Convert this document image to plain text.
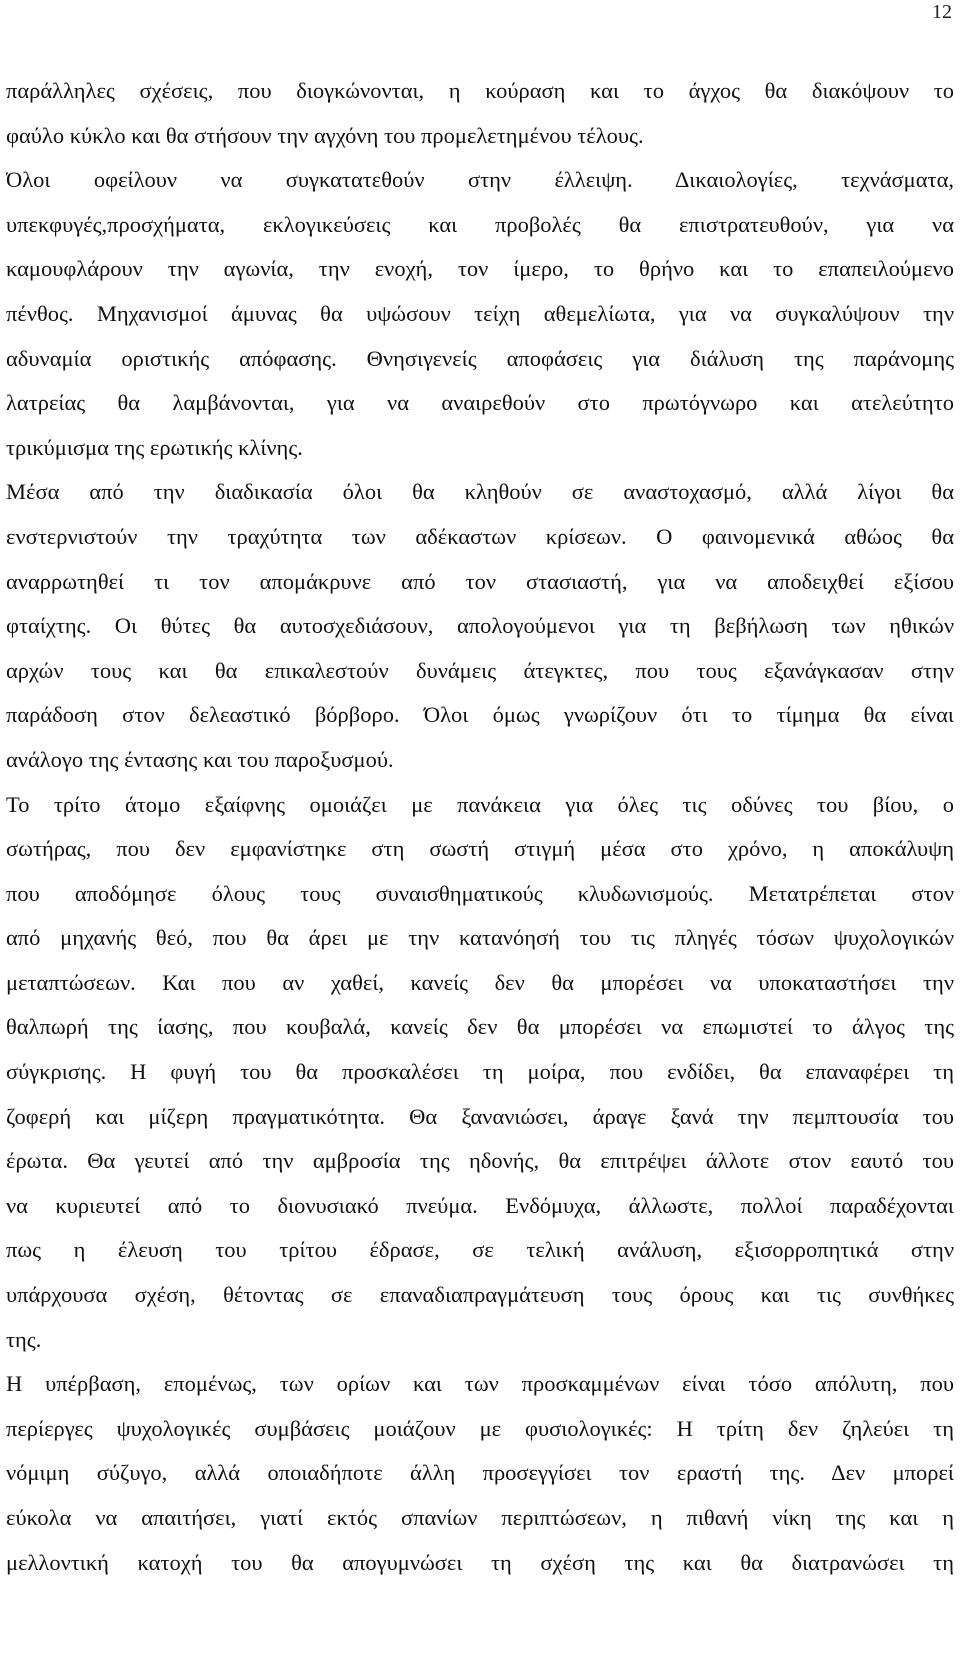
12
παράλληλες σχέσεις, που διογκώνονται, η κούραση και το άγχος θα διακόψουν το
φαύλο κύκλο και θα στήσουν την αγχόνη του προμελετημένου τέλους.
Όλοι οφείλουν να συγκατατεθούν στην έλλειψη. Δικαιολογίες, τεχνάσματα,
υπεκφυγές,προσχήματα, εκλογικεύσεις και προβολές θα επιστρατευθούν, για να
καμουφλάρουν την αγωνία, την ενοχή, τον ίμερο, το θρήνο και το επαπειλούμενο
πένθος. Μηχανισμοί άμυνας θα υψώσουν τείχη αθεμελίωτα, για να συγκαλύψουν την
αδυναμία οριστικής απόφασης. Θνησιγενείς αποφάσεις για διάλυση της παράνομης
λατρείας θα λαμβάνονται, για να αναιρεθούν στο πρωτόγνωρο και ατελεύτητο
τρικύμισμα της ερωτικής κλίνης.
Μέσα από την διαδικασία όλοι θα κληθούν σε αναστοχασμό, αλλά λίγοι θα
ενστερνιστούν την τραχύτητα των αδέκαστων κρίσεων. Ο φαινομενικά αθώος θα
αναρρωτηθεί τι τον απομάκρυνε από τον στασιαστή, για να αποδειχθεί εξίσου
φταίχτης. Οι θύτες θα αυτοσχεδιάσουν, απολογούμενοι για τη βεβήλωση των ηθικών
αρχών τους και θα επικαλεστούν δυνάμεις άτεγκτες, που τους εξανάγκασαν στην
παράδοση στον δελεαστικό βόρβορο. Όλοι όμως γνωρίζουν ότι το τίμημα θα είναι
ανάλογο της έντασης και του παροξυσμού.
Το τρίτο άτομο εξαίφνης ομοιάζει με πανάκεια για όλες τις οδύνες του βίου, ο
σωτήρας, που δεν εμφανίστηκε στη σωστή στιγμή μέσα στο χρόνο, η αποκάλυψη
που αποδόμησε όλους τους συναισθηματικούς κλυδωνισμούς. Μετατρέπεται στον
από μηχανής θεό, που θα άρει με την κατανόησή του τις πληγές τόσων ψυχολογικών
μεταπτώσεων. Και που αν χαθεί, κανείς δεν θα μπορέσει να υποκαταστήσει την
θαλπωρή της ίασης, που κουβαλά, κανείς δεν θα μπορέσει να επωμιστεί το άλγος της
σύγκρισης. Η φυγή του θα προσκαλέσει τη μοίρα, που ενδίδει, θα επαναφέρει τη
ζοφερή και μίζερη πραγματικότητα. Θα ξανανιώσει, άραγε ξανά την πεμπτουσία του
έρωτα. Θα γευτεί από την αμβροσία της ηδονής, θα επιτρέψει άλλοτε στον εαυτό του
να κυριευτεί από το διονυσιακό πνεύμα. Ενδόμυχα, άλλωστε, πολλοί παραδέχονται
πως η έλευση του τρίτου έδρασε, σε τελική ανάλυση, εξισορροπητικά στην
υπάρχουσα σχέση, θέτοντας σε επαναδιαπραγμάτευση τους όρους και τις συνθήκες
της.
Η υπέρβαση, επομένως, των ορίων και των προσκαμμένων είναι τόσο απόλυτη, που
περίεργες ψυχολογικές συμβάσεις μοιάζουν με φυσιολογικές: Η τρίτη δεν ζηλεύει τη
νόμιμη σύζυγο, αλλά οποιαδήποτε άλλη προσεγγίσει τον εραστή της. Δεν μπορεί
εύκολα να απαιτήσει, γιατί εκτός σπανίων περιπτώσεων, η πιθανή νίκη της και η
μελλοντική κατοχή του θα απογυμνώσει τη σχέση της και θα διατρανώσει τη
